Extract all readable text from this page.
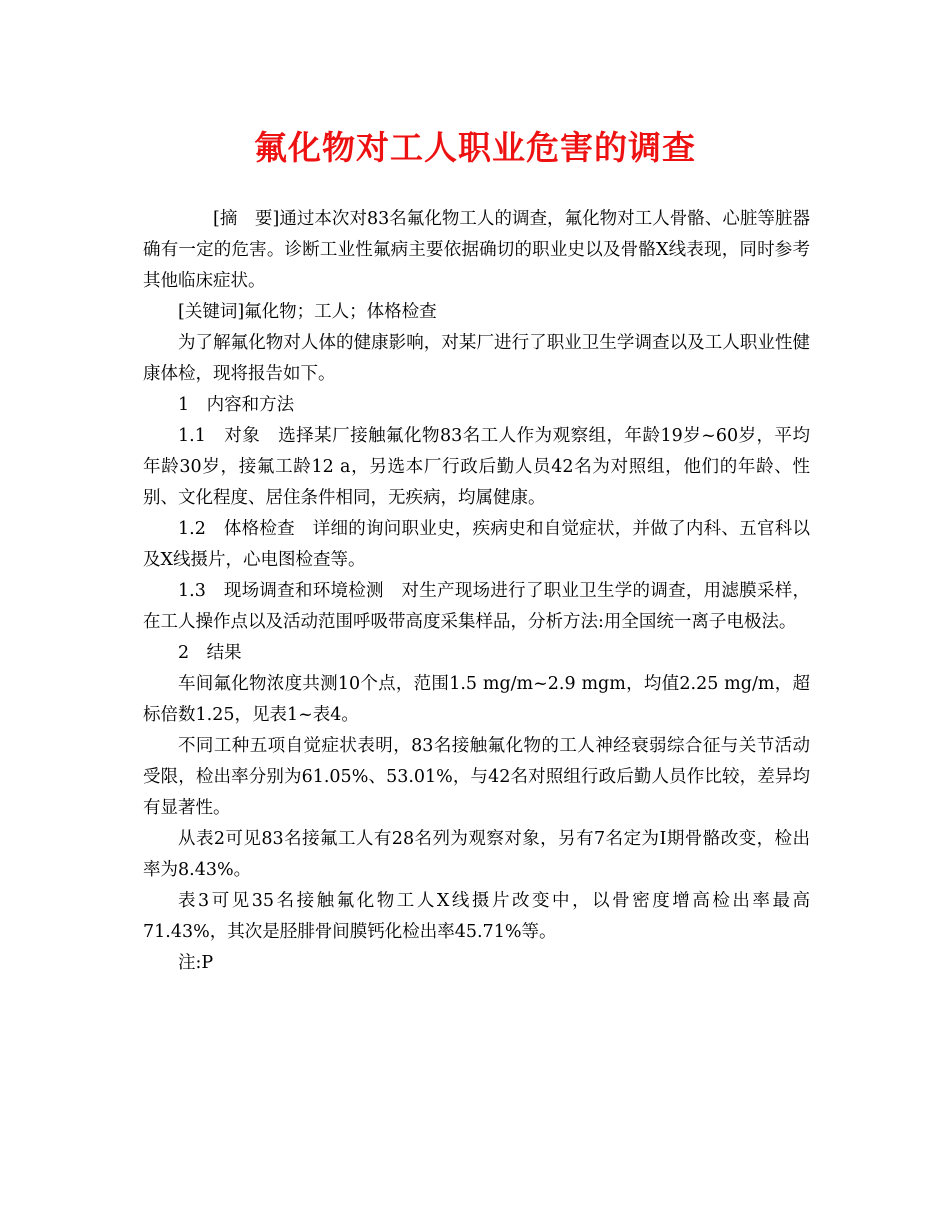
氟化物对工人职业危害的调查

[摘　要]通过本次对83名氟化物工人的调查，氟化物对工人骨骼、心脏等脏器确有一定的危害。诊断工业性氟病主要依据确切的职业史以及骨骼X线表现，同时参考其他临床症状。

[关键词]氟化物；工人；体格检查

为了解氟化物对人体的健康影响，对某厂进行了职业卫生学调查以及工人职业性健康体检，现将报告如下。

1　内容和方法

1.1　对象　选择某厂接触氟化物83名工人作为观察组，年龄19岁~60岁，平均年龄30岁，接氟工龄12 a，另选本厂行政后勤人员42名为对照组，他们的年龄、性别、文化程度、居住条件相同，无疾病，均属健康。

1.2　体格检查　详细的询问职业史，疾病史和自觉症状，并做了内科、五官科以及X线摄片，心电图检查等。

1.3　现场调查和环境检测　对生产现场进行了职业卫生学的调查，用滤膜采样，在工人操作点以及活动范围呼吸带高度采集样品，分析方法:用全国统一离子电极法。

2　结果

车间氟化物浓度共测10个点，范围1.5 mg/m~2.9 mgm，均值2.25 mg/m，超标倍数1.25，见表1~表4。

不同工种五项自觉症状表明，83名接触氟化物的工人神经衰弱综合征与关节活动受限，检出率分别为61.05%、53.01%，与42名对照组行政后勤人员作比较，差异均有显著性。

从表2可见83名接氟工人有28名列为观察对象，另有7名定为I期骨骼改变，检出率为8.43%。

表3可见35名接触氟化物工人X线摄片改变中，以骨密度增高检出率最高71.43%，其次是胫腓骨间膜钙化检出率45.71%等。

注:P
